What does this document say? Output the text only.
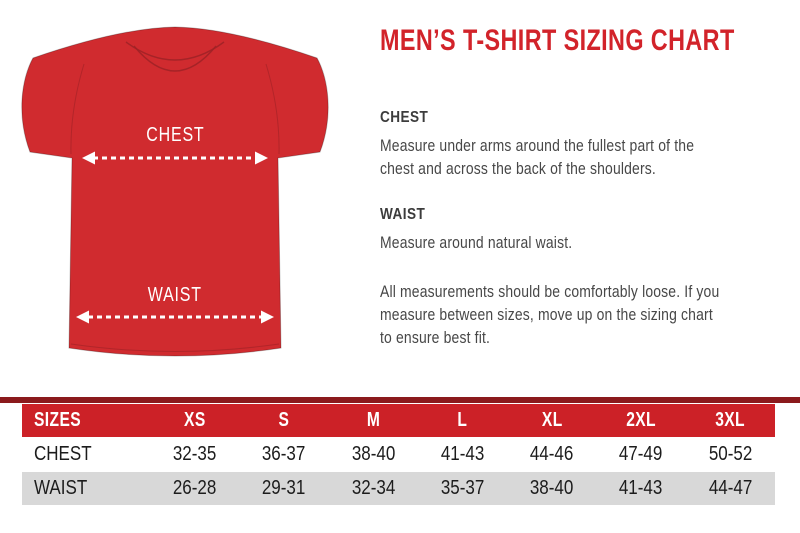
CHEST
WAIST
MEN’S T-SHIRT SIZING CHART
CHEST
Measure under arms around the fullest part of the
chest and across the back of the shoulders.
WAIST
Measure around natural waist.
All measurements should be comfortably loose. If you
measure between sizes, move up on the sizing chart
to ensure best fit.
SIZES	XS	S	M	L	XL	2XL	3XL
CHEST	32-35 36-37 38-40 41-43 44-46 47-49 50-52
WAIST	26-28 29-31 32-34 35-37 38-40 41-43 44-47
